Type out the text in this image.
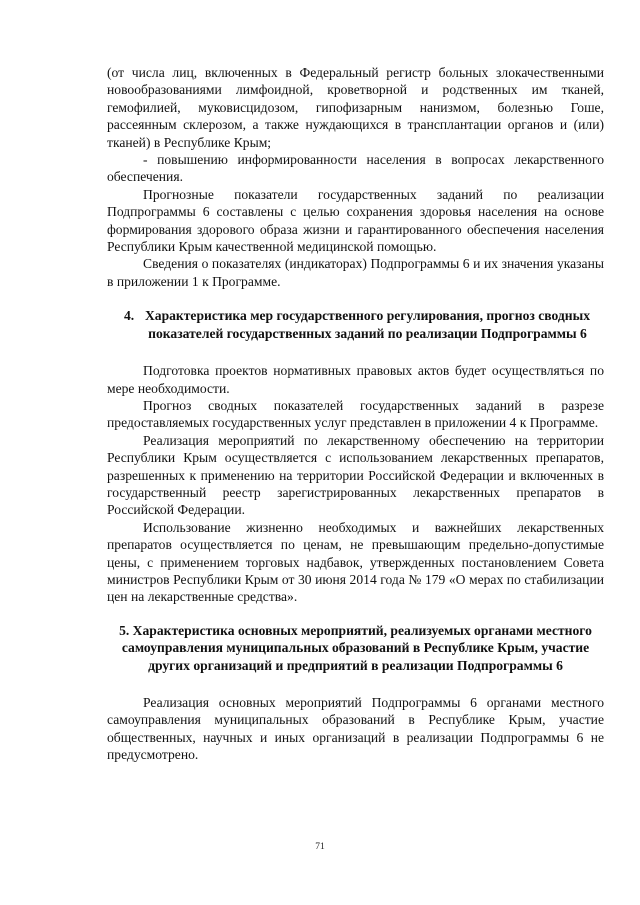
(от числа лиц, включенных в Федеральный регистр больных злокачественными новообразованиями лимфоидной, кроветворной и родственных им тканей, гемофилией, муковисцидозом, гипофизарным нанизмом, болезнью Гоше, рассеянным склерозом, а также нуждающихся в трансплантации органов и (или) тканей) в Республике Крым;

- повышению информированности населения в вопросах лекарственного обеспечения.

Прогнозные показатели государственных заданий по реализации Подпрограммы 6 составлены с целью сохранения здоровья населения на основе формирования здорового образа жизни и гарантированного обеспечения населения Республики Крым качественной медицинской помощью.

Сведения о показателях (индикаторах) Подпрограммы 6 и их значения указаны в приложении 1 к Программе.

4. Характеристика мер государственного регулирования, прогноз сводных показателей государственных заданий по реализации Подпрограммы 6

Подготовка проектов нормативных правовых актов будет осуществляться по мере необходимости.

Прогноз сводных показателей государственных заданий в разрезе предоставляемых государственных услуг представлен в приложении 4 к Программе.

Реализация мероприятий по лекарственному обеспечению на территории Республики Крым осуществляется с использованием лекарственных препаратов, разрешенных к применению на территории Российской Федерации и включенных в государственный реестр зарегистрированных лекарственных препаратов в Российской Федерации.

Использование жизненно необходимых и важнейших лекарственных препаратов осуществляется по ценам, не превышающим предельно-допустимые цены, с применением торговых надбавок, утвержденных постановлением Совета министров Республики Крым от 30 июня 2014 года № 179 «О мерах по стабилизации цен на лекарственные средства».

5. Характеристика основных мероприятий, реализуемых органами местного самоуправления муниципальных образований в Республике Крым, участие других организаций и предприятий в реализации Подпрограммы 6

Реализация основных мероприятий Подпрограммы 6 органами местного самоуправления муниципальных образований в Республике Крым, участие общественных, научных и иных организаций в реализации Подпрограммы 6 не предусмотрено.

71
